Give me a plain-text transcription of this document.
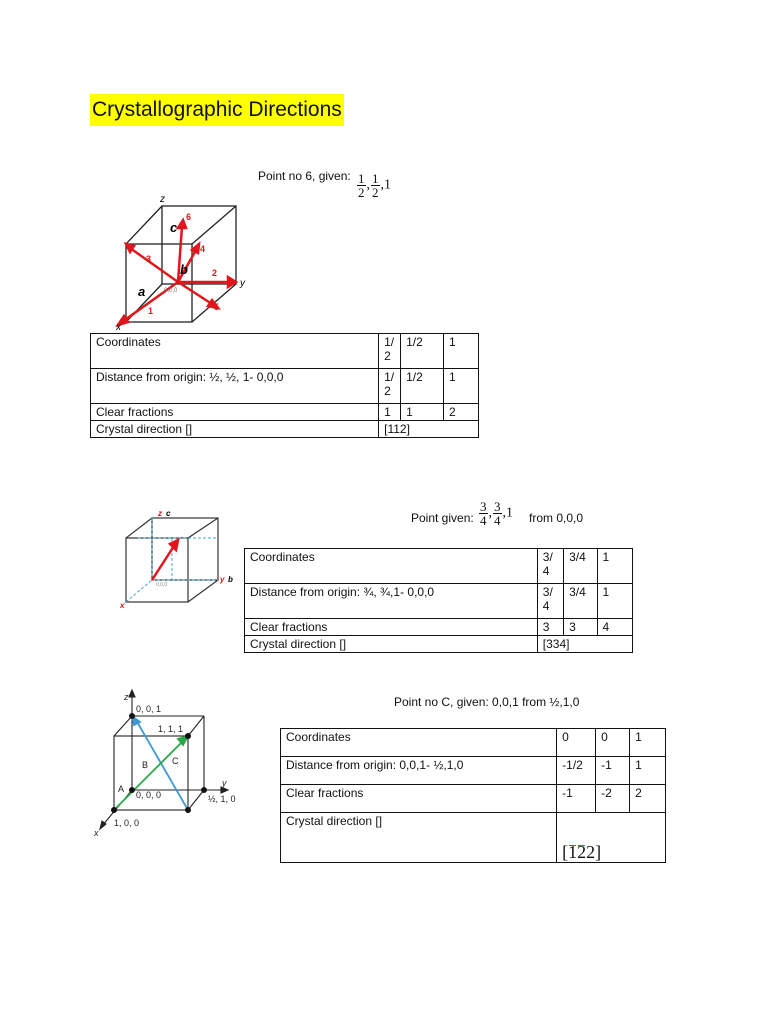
Crystallographic Directions
Point no 6, given: $\frac{1}{2}$ , $\frac{1}{2} ,1$
z
y
x
c
b
a	0,0,0
1
2
3
4
5
6
Coordinates	1/2	1/2	1
Distance from origin: ½, ½, 1- 0,0,0	1/2	1/2	1
Clear fractions	1	1	2
Crystal direction []	[112]		
Point given: $\frac{3}{4}$ , $\frac{3}{4} ,1$ from 0,0,0
z c
y b
x
0,0,0
Coordinates	3/4	3/4	1
Distance from origin: ¾, ¾,1- 0,0,0	3/4	3/4	1
Clear fractions	3	3	4
Crystal direction []	[334]		
Point no C, given: 0,0,1 from ½,1,0
0, 0, 1
1, 1, 1
0, 0, 0
1, 0, 0
½, 1, 0
A
B	C
z
y
x
Coordinates	0	0	1
Distance from origin: 0,0,1- ½,1,0	-1/2	-1	1
Clear fractions	-1	-2	2
Crystal direction []	[122]		
